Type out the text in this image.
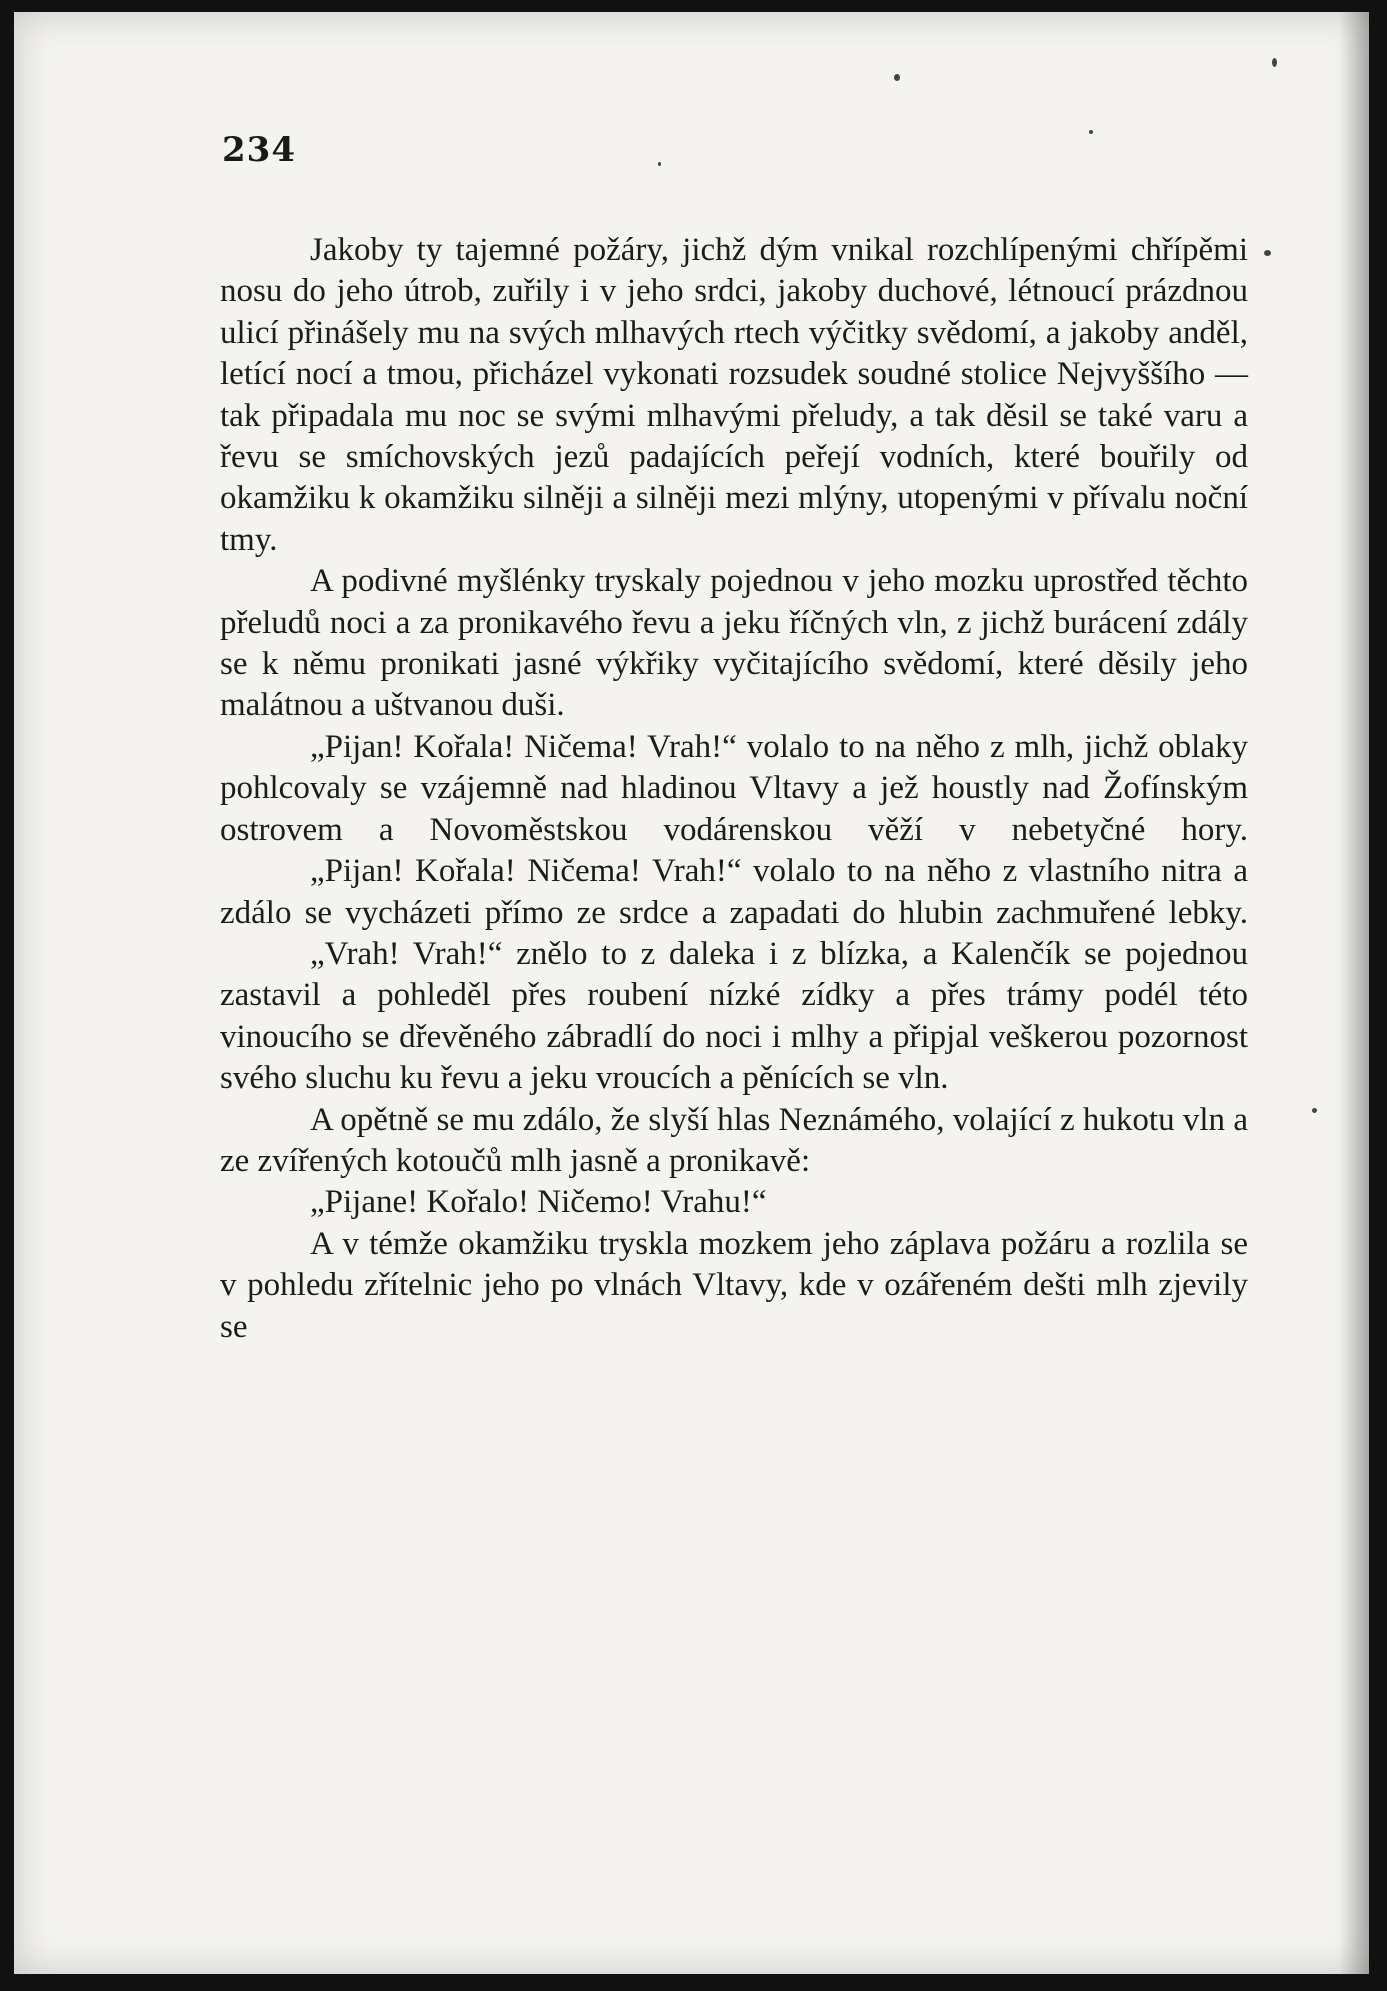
234

Jakoby ty tajemné požáry, jichž dým vnikal rozchlípenými chřípěmi nosu do jeho útrob, zuřily i v jeho srdci, jakoby duchové, létnoucí prázdnou ulicí přinášely mu na svých mlhavých rtech výčitky svědomí, a jakoby anděl, letící nocí a tmou, přicházel vykonati rozsudek soudné stolice Nejvyššího — tak připadala mu noc se svými mlhavými přeludy, a tak děsil se také varu a řevu se smíchovských jezů padajících peřejí vodních, které bouřily od okamžiku k okamžiku silněji a silněji mezi mlýny, utopenými v přívalu noční tmy.

A podivné myšlénky tryskaly pojednou v jeho mozku uprostřed těchto přeludů noci a za pronikavého řevu a jeku říčných vln, z jichž burácení zdály se k němu pronikati jasné výkřiky vyčitajícího svědomí, které děsily jeho malátnou a uštvanou duši.

„Pijan! Kořala! Ničema! Vrah!“ volalo to na něho z mlh, jichž oblaky pohlcovaly se vzájemně nad hladinou Vltavy a jež houstly nad Žofínským ostrovem a Novoměstskou vodárenskou věží v nebetyčné hory.

„Pijan! Kořala! Ničema! Vrah!“ volalo to na něho z vlastního nitra a zdálo se vycházeti přímo ze srdce a zapadati do hlubin zachmuřené lebky.

„Vrah! Vrah!“ znělo to z daleka i z blízka, a Kalenčík se pojednou zastavil a pohleděl přes roubení nízké zídky a přes trámy podél této vinoucího se dřevěného zábradlí do noci i mlhy a připjal veškerou pozornost svého sluchu ku řevu a jeku vroucích a pěnících se vln.

A opětně se mu zdálo, že slyší hlas Neznámého, volající z hukotu vln a ze zvířených kotoučů mlh jasně a pronikavě:

„Pijane! Kořalo! Ničemo! Vrahu!“

A v témže okamžiku tryskla mozkem jeho záplava požáru a rozlila se v pohledu zřítelnic jeho po vlnách Vltavy, kde v ozářeném dešti mlh zjevily se
